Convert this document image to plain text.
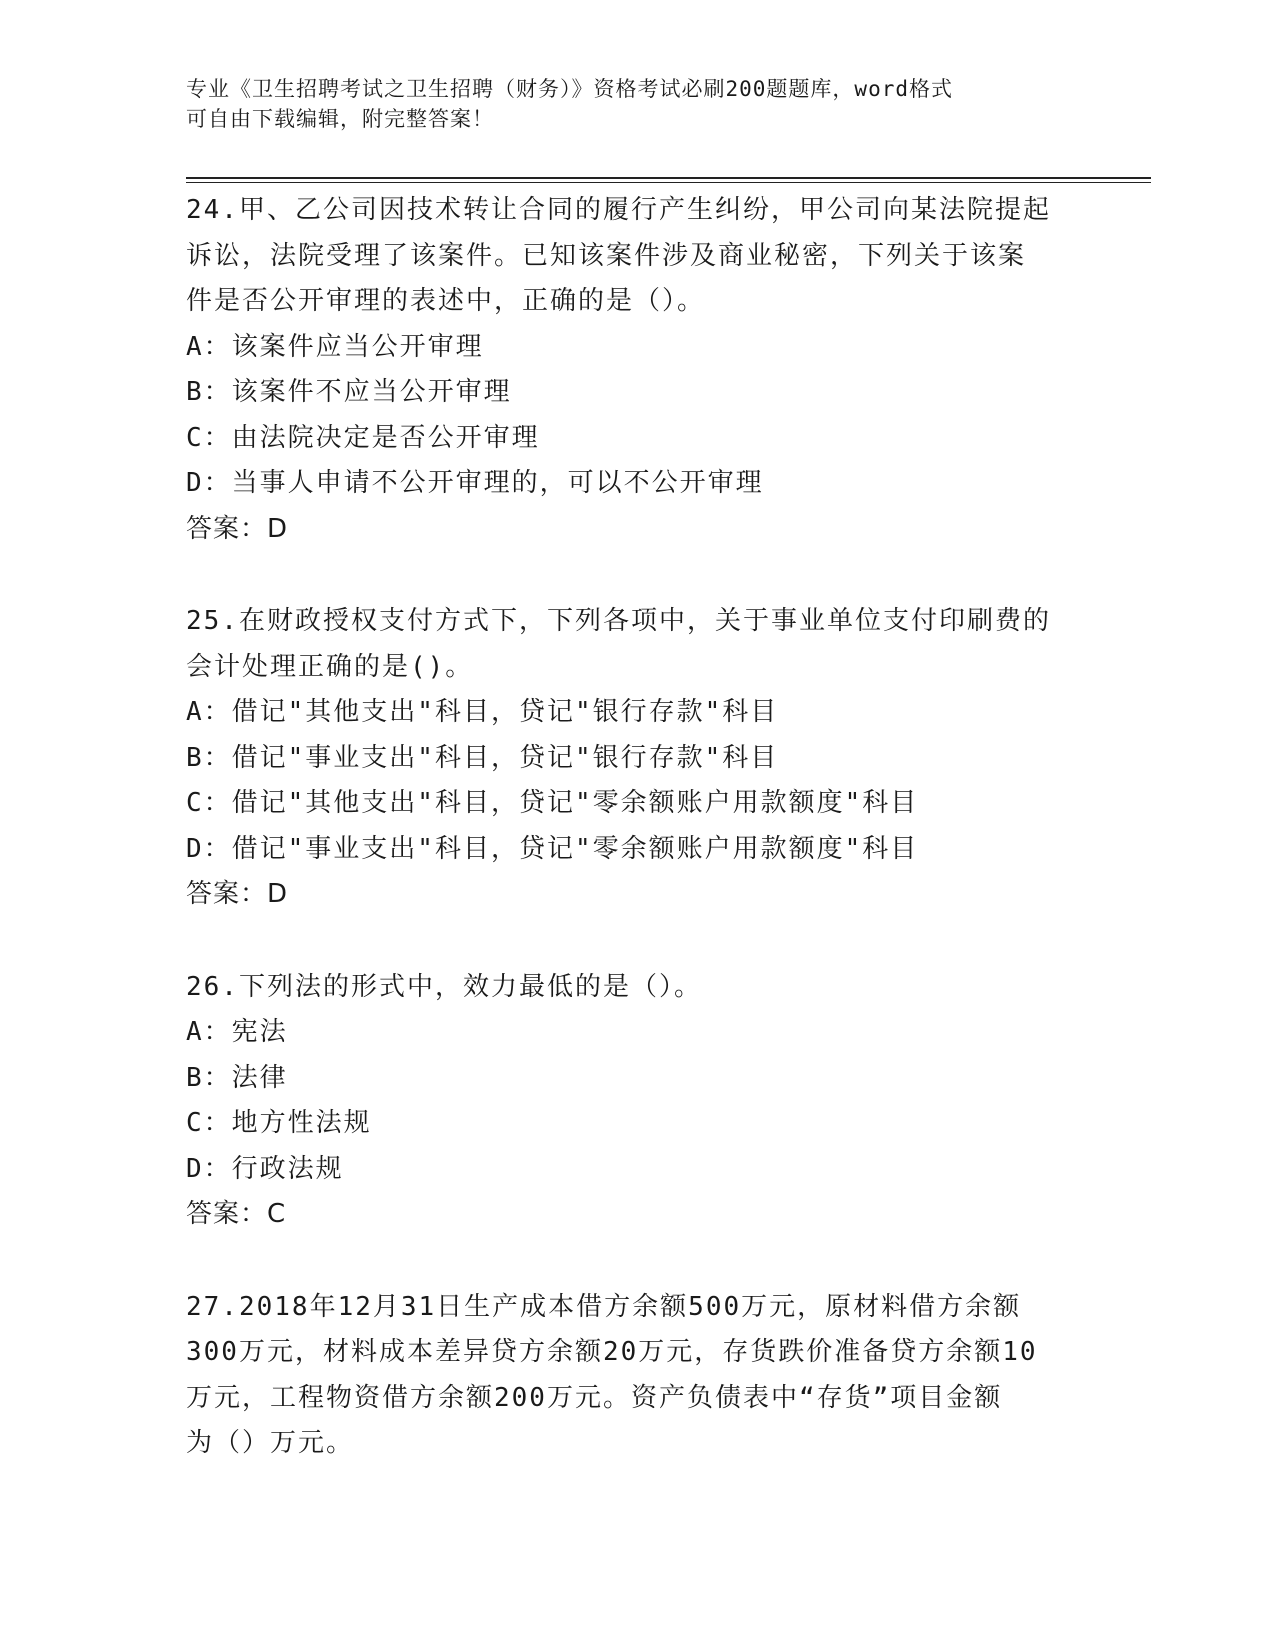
专业《卫生招聘考试之卫生招聘（财务）》资格考试必刷200题题库，word格式
可自由下载编辑，附完整答案！
24.甲、乙公司因技术转让合同的履行产生纠纷，甲公司向某法院提起
诉讼，法院受理了该案件。已知该案件涉及商业秘密，下列关于该案
件是否公开审理的表述中，正确的是（）。
A：该案件应当公开审理
B：该案件不应当公开审理
C：由法院决定是否公开审理
D：当事人申请不公开审理的，可以不公开审理
答案：D
25.在财政授权支付方式下，下列各项中，关于事业单位支付印刷费的
会计处理正确的是()。
A：借记"其他支出"科目，贷记"银行存款"科目
B：借记"事业支出"科目，贷记"银行存款"科目
C：借记"其他支出"科目，贷记"零余额账户用款额度"科目
D：借记"事业支出"科目，贷记"零余额账户用款额度"科目
答案：D
26.下列法的形式中，效力最低的是（）。
A：宪法
B：法律
C：地方性法规
D：行政法规
答案：C
27.2018年12月31日生产成本借方余额500万元，原材料借方余额
300万元，材料成本差异贷方余额20万元，存货跌价准备贷方余额10
万元，工程物资借方余额200万元。资产负债表中“存货”项目金额
为（）万元。
